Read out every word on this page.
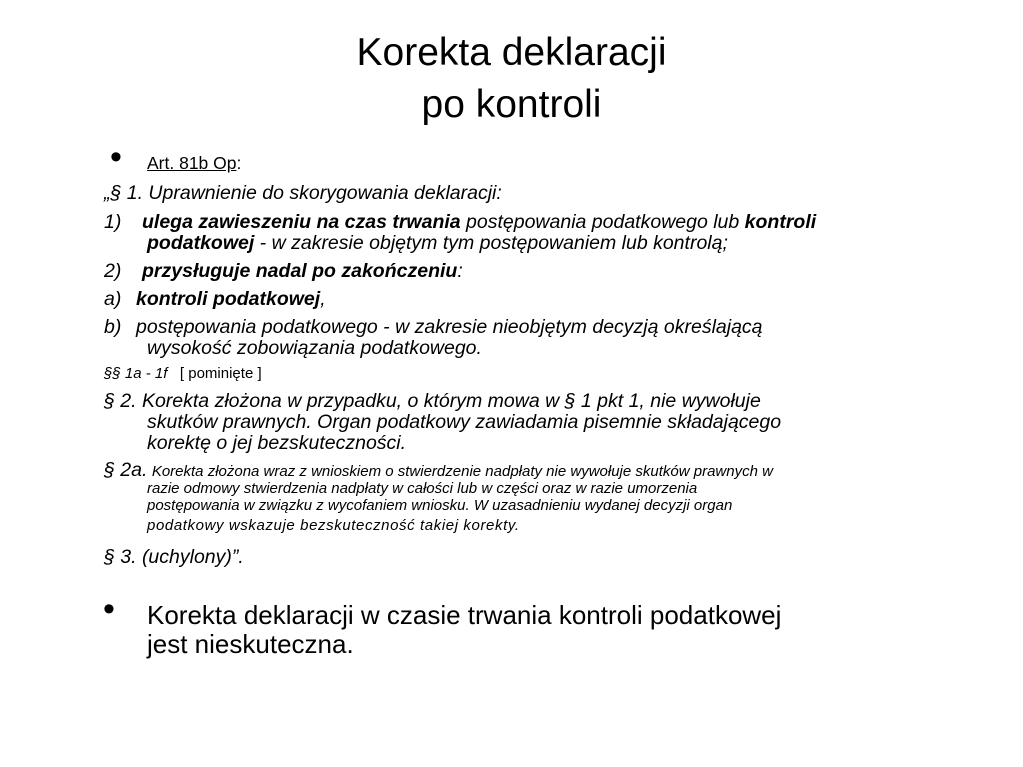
Korekta deklaracji
po kontroli
• Art. 81b Op:
„§ 1. Uprawnienie do skorygowania deklaracji:
1) ulega zawieszeniu na czas trwania postępowania podatkowego lub kontroli
podatkowej - w zakresie objętym tym postępowaniem lub kontrolą;
2) przysługuje nadal po zakończeniu:
a) kontroli podatkowej,
b) postępowania podatkowego - w zakresie nieobjętym decyzją określającą
wysokość zobowiązania podatkowego.
§§ 1a - 1f [ pominięte ]
§ 2. Korekta złożona w przypadku, o którym mowa w § 1 pkt 1, nie wywołuje
skutków prawnych. Organ podatkowy zawiadamia pisemnie składającego
korektę o jej bezskuteczności.
§ 2a. Korekta złożona wraz z wnioskiem o stwierdzenie nadpłaty nie wywołuje skutków prawnych w
razie odmowy stwierdzenia nadpłaty w całości lub w części oraz w razie umorzenia
postępowania w związku z wycofaniem wniosku. W uzasadnieniu wydanej decyzji organ
podatkowy wskazuje bezskuteczność takiej korekty.
§ 3. (uchylony)”.
• Korekta deklaracji w czasie trwania kontroli podatkowej
jest nieskuteczna.
